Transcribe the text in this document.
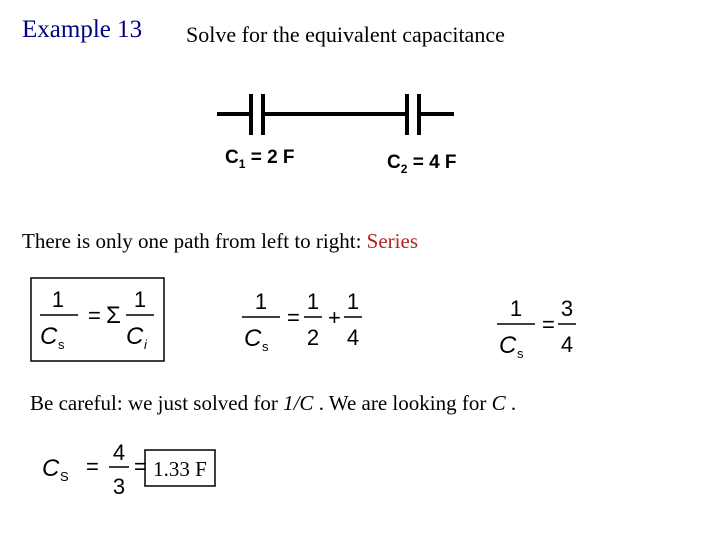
Example 13 Solve for the equivalent capacitance
$C_1 = 2$ F	$C_2 = 4$ F
There is only one path from left to right: Series
1
C s
= Σ
1
C i
1
C s
=
1
2
+
1
4
1
C s
=
3
4
Be careful: we just solved for 1/C . We are looking for C .
C S =
4
3
= 1.33 F
